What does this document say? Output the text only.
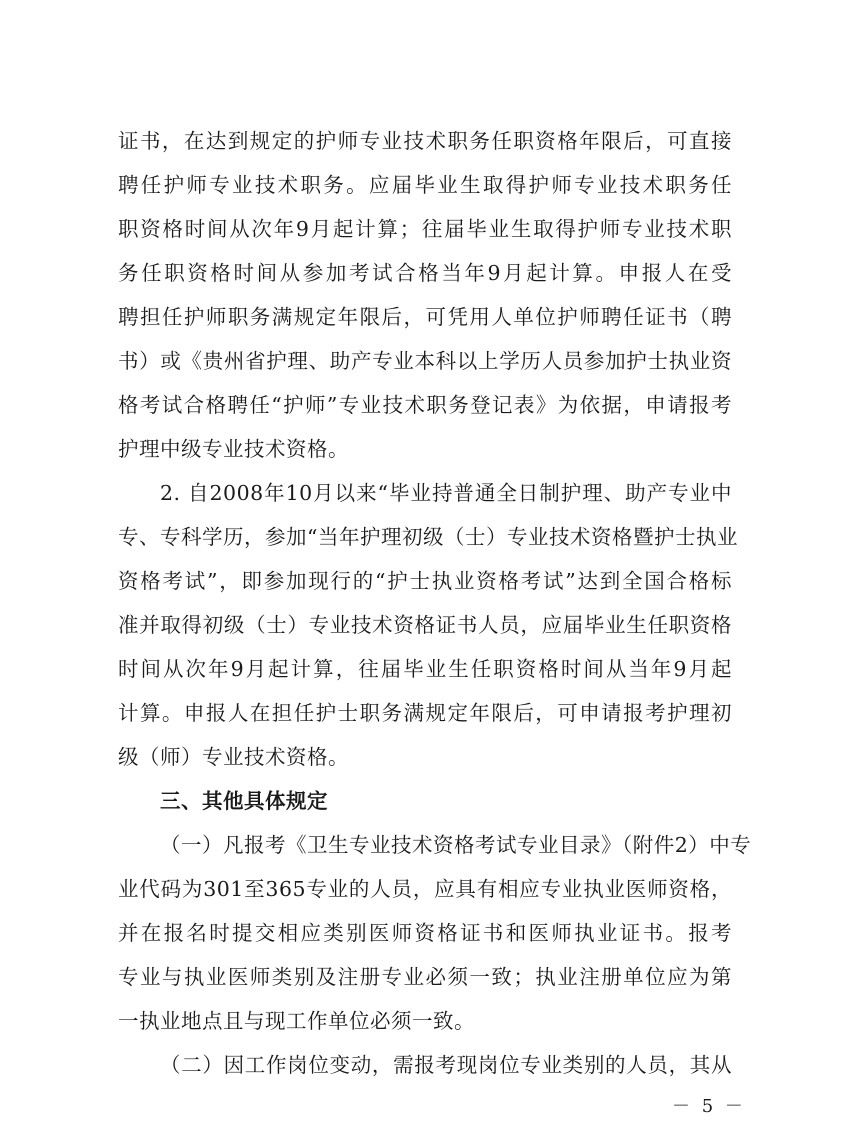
证书，在达到规定的护师专业技术职务任职资格年限后，可直接
聘任护师专业技术职务。应届毕业生取得护师专业技术职务任
职资格时间从次年9月起计算；往届毕业生取得护师专业技术职
务任职资格时间从参加考试合格当年9月起计算。申报人在受
聘担任护师职务满规定年限后，可凭用人单位护师聘任证书（聘
书）或《贵州省护理、助产专业本科以上学历人员参加护士执业资
格考试合格聘任“护师”专业技术职务登记表》为依据，申请报考
护理中级专业技术资格。
2. 自2008年10月以来“毕业持普通全日制护理、助产专业中
专、专科学历，参加“当年护理初级（士）专业技术资格暨护士执业
资格考试”，即参加现行的“护士执业资格考试”达到全国合格标
准并取得初级（士）专业技术资格证书人员，应届毕业生任职资格
时间从次年9月起计算，往届毕业生任职资格时间从当年9月起
计算。申报人在担任护士职务满规定年限后，可申请报考护理初
级（师）专业技术资格。
三、其他具体规定
（一）凡报考《卫生专业技术资格考试专业目录》（附件2）中专
业代码为301至365专业的人员，应具有相应专业执业医师资格，
并在报名时提交相应类别医师资格证书和医师执业证书。报考
专业与执业医师类别及注册专业必须一致；执业注册单位应为第
一执业地点且与现工作单位必须一致。
（二）因工作岗位变动，需报考现岗位专业类别的人员，其从
－ 5 －
